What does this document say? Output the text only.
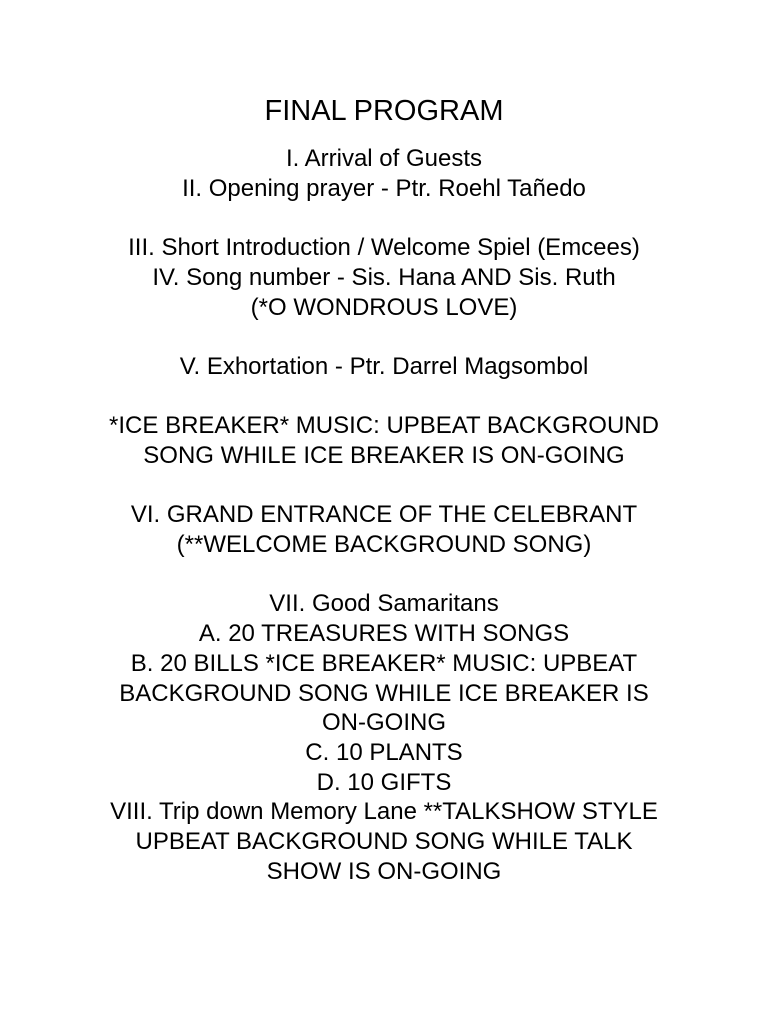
FINAL PROGRAM
I. Arrival of Guests
II. Opening prayer - Ptr. Roehl Tañedo
III. Short Introduction / Welcome Spiel (Emcees)
IV. Song number - Sis. Hana AND Sis. Ruth
(*O WONDROUS LOVE)
V. Exhortation - Ptr. Darrel Magsombol
*ICE BREAKER* MUSIC: UPBEAT BACKGROUND
SONG WHILE ICE BREAKER IS ON-GOING
VI. GRAND ENTRANCE OF THE CELEBRANT
(**WELCOME BACKGROUND SONG)
VII. Good Samaritans
A. 20 TREASURES WITH SONGS
B. 20 BILLS *ICE BREAKER* MUSIC: UPBEAT
BACKGROUND SONG WHILE ICE BREAKER IS
ON-GOING
C. 10 PLANTS
D. 10 GIFTS
VIII. Trip down Memory Lane **TALKSHOW STYLE
UPBEAT BACKGROUND SONG WHILE TALK
SHOW IS ON-GOING
